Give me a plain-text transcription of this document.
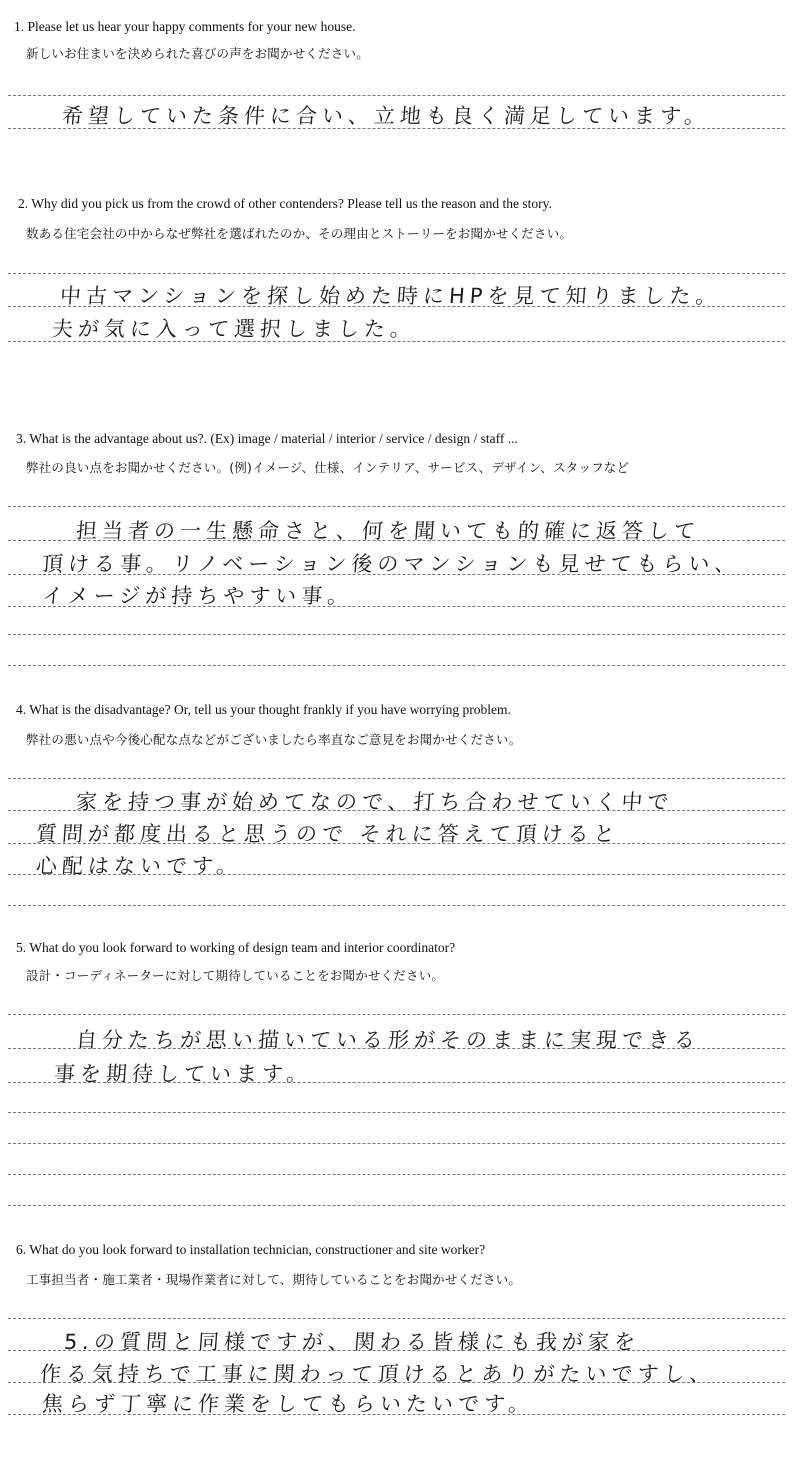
1. Please let us hear your happy comments for your new house.
新しいお住まいを決められた喜びの声をお聞かせください。
希望していた条件に合い、立地も良く満足しています。
2. Why did you pick us from the crowd of other contenders? Please tell us the reason and the story.
数ある住宅会社の中からなぜ弊社を選ばれたのか、その理由とストーリーをお聞かせください。
中古マンションを探し始めた時にHPを見て知りました。
夫が気に入って選択しました。
3. What is the advantage about us?. (Ex) image / material / interior / service / design / staff ...
弊社の良い点をお聞かせください。(例)イメージ、仕様、インテリア、サービス、デザイン、スタッフなど
担当者の一生懸命さと、何を聞いても的確に返答して
頂ける事。リノベーション後のマンションも見せてもらい、
イメージが持ちやすい事。
4. What is the disadvantage? Or, tell us your thought frankly if you have worrying problem.
弊社の悪い点や今後心配な点などがございましたら率直なご意見をお聞かせください。
家を持つ事が始めてなので、打ち合わせていく中で
質問が都度出ると思うので それに答えて頂けると
心配はないです。
5. What do you look forward to working of design team and interior coordinator?
設計・コーディネーターに対して期待していることをお聞かせください。
自分たちが思い描いている形がそのままに実現できる
事を期待しています。
6. What do you look forward to installation technician, constructioner and site worker?
工事担当者・施工業者・現場作業者に対して、期待していることをお聞かせください。
5.の質問と同様ですが、関わる皆様にも我が家を
作る気持ちで工事に関わって頂けるとありがたいですし、
焦らず丁寧に作業をしてもらいたいです。
